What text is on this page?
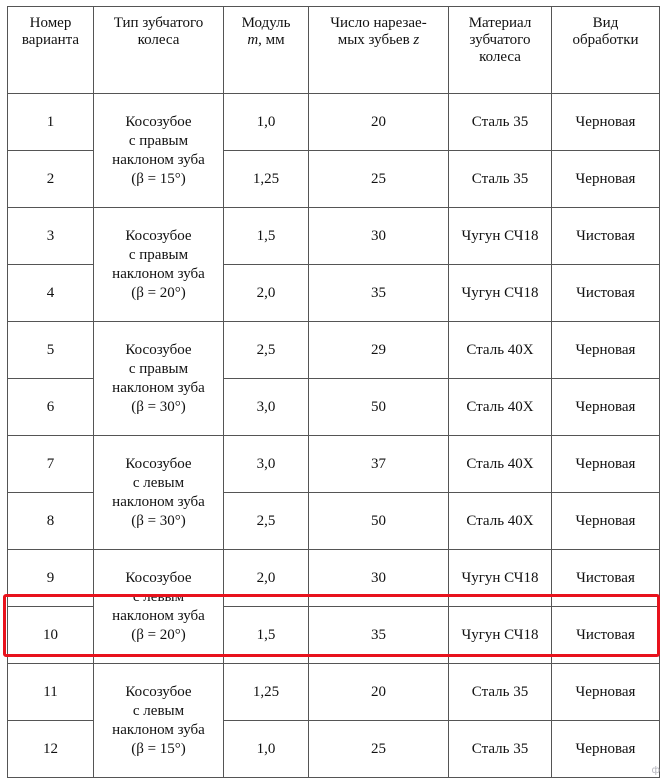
Номер
варианта	Тип зубчатого
колеса	Модуль
m, мм	Число нарезае-
мых зубьев z	Материал
зубчатого
колеса	Вид
обработки
1	Косозубое
с правым
наклоном зуба
(β = 15°)	1,0	20	Сталь 35	Черновая
2		1,25	25	Сталь 35	Черновая
3	Косозубое
с правым
наклоном зуба
(β = 20°)	1,5	30	Чугун СЧ18	Чистовая
4		2,0	35	Чугун СЧ18	Чистовая
5	Косозубое
с правым
наклоном зуба
(β = 30°)	2,5	29	Сталь 40Х	Черновая
6		3,0	50	Сталь 40Х	Черновая
7	Косозубое
с левым
наклоном зуба
(β = 30°)	3,0	37	Сталь 40Х	Черновая
8		2,5	50	Сталь 40Х	Черновая
9	Косозубое
с левым
наклоном зуба
(β = 20°)	2,0	30	Чугун СЧ18	Чистовая
10		1,5	35	Чугун СЧ18	Чистовая
11	Косозубое
с левым
наклоном зуба
(β = 15°)	1,25	20	Сталь 35	Черновая
12		1,0	25	Сталь 35	Черновая
ф
